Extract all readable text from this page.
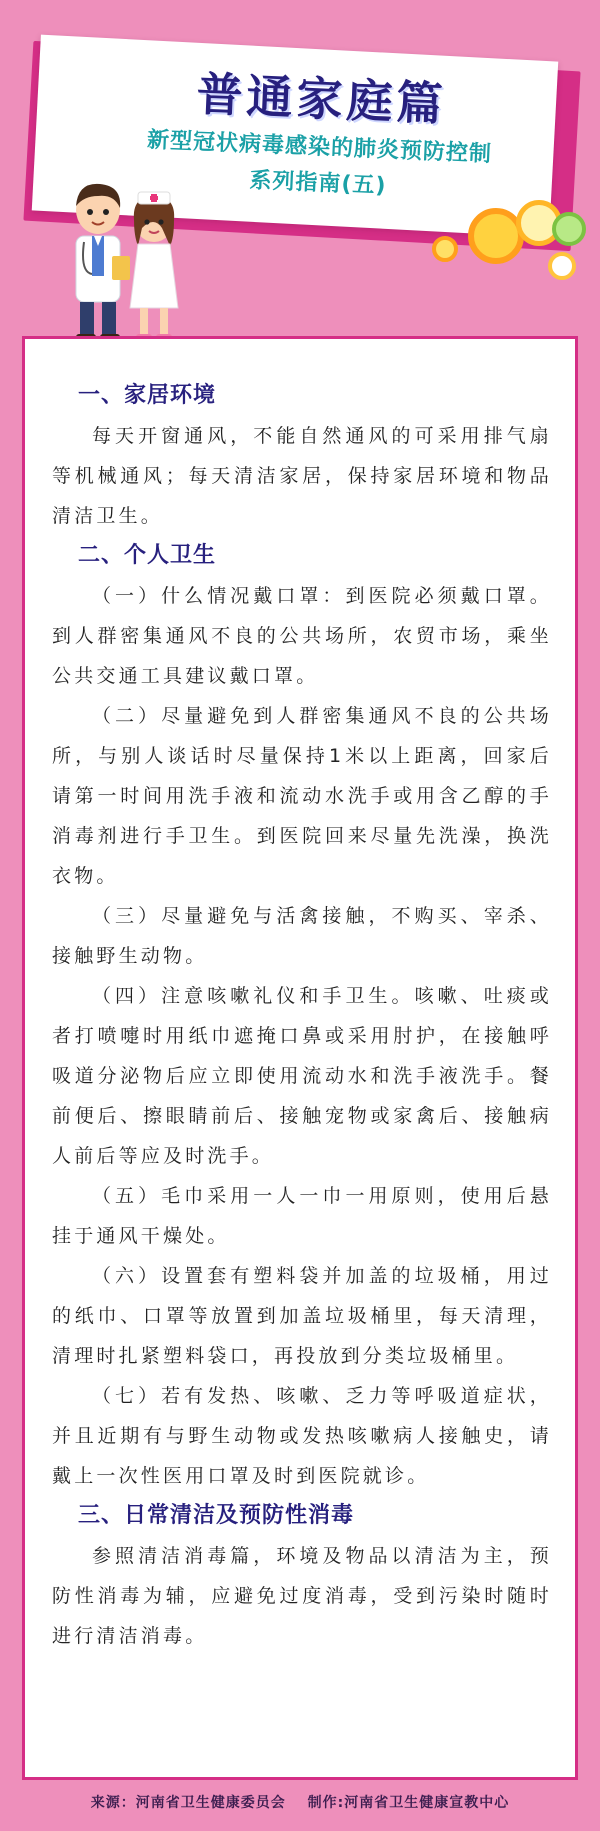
普通家庭篇
新型冠状病毒感染的肺炎预防控制
系列指南(五)
一、家居环境

每天开窗通风，不能自然通风的可采用排气扇等机械通风；每天清洁家居，保持家居环境和物品清洁卫生。

二、个人卫生

（一）什么情况戴口罩：到医院必须戴口罩。到人群密集通风不良的公共场所，农贸市场，乘坐公共交通工具建议戴口罩。

（二）尽量避免到人群密集通风不良的公共场所，与别人谈话时尽量保持1米以上距离，回家后请第一时间用洗手液和流动水洗手或用含乙醇的手消毒剂进行手卫生。到医院回来尽量先洗澡，换洗衣物。

（三）尽量避免与活禽接触，不购买、宰杀、接触野生动物。

（四）注意咳嗽礼仪和手卫生。咳嗽、吐痰或者打喷嚏时用纸巾遮掩口鼻或采用肘护，在接触呼吸道分泌物后应立即使用流动水和洗手液洗手。餐前便后、擦眼睛前后、接触宠物或家禽后、接触病人前后等应及时洗手。

（五）毛巾采用一人一巾一用原则，使用后悬挂于通风干燥处。

（六）设置套有塑料袋并加盖的垃圾桶，用过的纸巾、口罩等放置到加盖垃圾桶里，每天清理，清理时扎紧塑料袋口，再投放到分类垃圾桶里。

（七）若有发热、咳嗽、乏力等呼吸道症状，并且近期有与野生动物或发热咳嗽病人接触史，请戴上一次性医用口罩及时到医院就诊。

三、日常清洁及预防性消毒

参照清洁消毒篇，环境及物品以清洁为主，预防性消毒为辅，应避免过度消毒，受到污染时随时进行清洁消毒。

来源：河南省卫生健康委员会 制作:河南省卫生健康宣教中心
